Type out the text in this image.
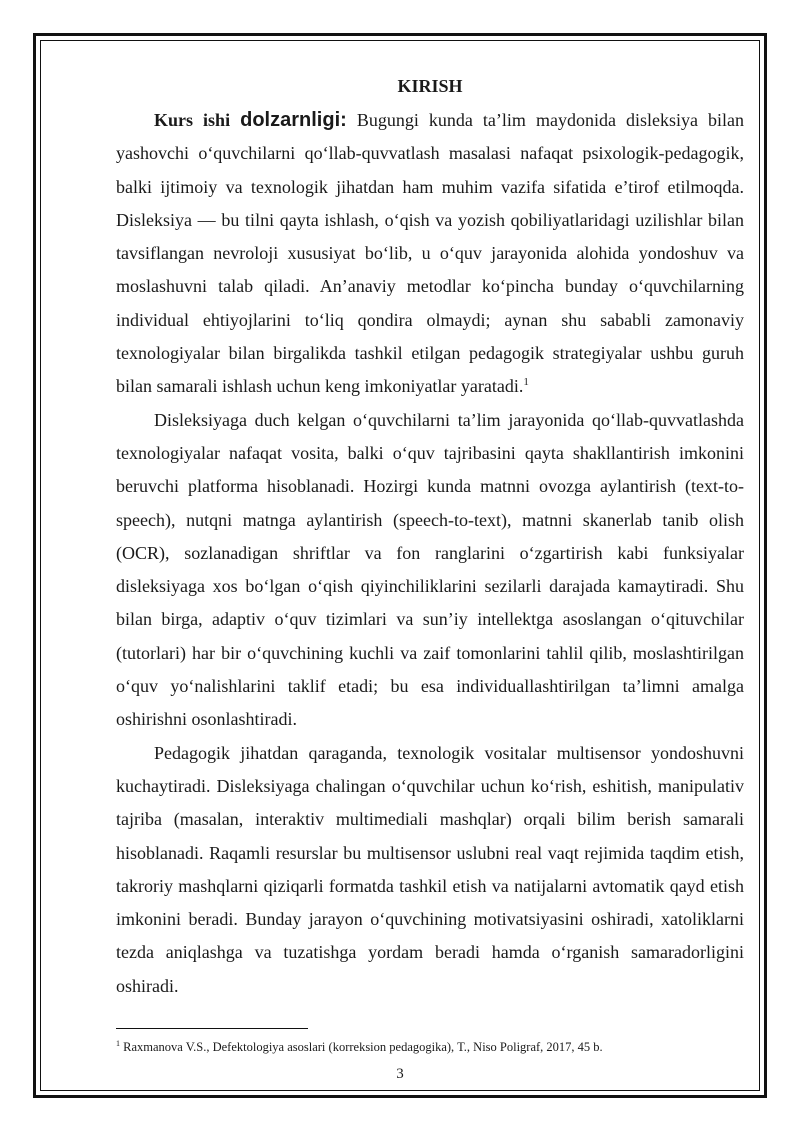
KIRISH

Kurs ishi dolzarnligi: Bugungi kunda ta’lim maydonida disleksiya bilan yashovchi o‘quvchilarni qo‘llab-quvvatlash masalasi nafaqat psixologik-pedagogik, balki ijtimoiy va texnologik jihatdan ham muhim vazifa sifatida e’tirof etilmoqda. Disleksiya — bu tilni qayta ishlash, o‘qish va yozish qobiliyatlaridagi uzilishlar bilan tavsiflangan nevroloji xususiyat bo‘lib, u o‘quv jarayonida alohida yondoshuv va moslashuvni talab qiladi. An’anaviy metodlar ko‘pincha bunday o‘quvchilarning individual ehtiyojlarini to‘liq qondira olmaydi; aynan shu sababli zamonaviy texnologiyalar bilan birgalikda tashkil etilgan pedagogik strategiyalar ushbu guruh bilan samarali ishlash uchun keng imkoniyatlar yaratadi.$^1$

Disleksiyaga duch kelgan o‘quvchilarni ta’lim jarayonida qo‘llab-quvvatlashda texnologiyalar nafaqat vosita, balki o‘quv tajribasini qayta shakllantirish imkonini beruvchi platforma hisoblanadi. Hozirgi kunda matnni ovozga aylantirish (text-to-speech), nutqni matnga aylantirish (speech-to-text), matnni skanerlab tanib olish (OCR), sozlanadigan shriftlar va fon ranglarini o‘zgartirish kabi funksiyalar disleksiyaga xos bo‘lgan o‘qish qiyinchiliklarini sezilarli darajada kamaytiradi. Shu bilan birga, adaptiv o‘quv tizimlari va sun’iy intellektga asoslangan o‘qituvchilar (tutorlari) har bir o‘quvchining kuchli va zaif tomonlarini tahlil qilib, moslashtirilgan o‘quv yo‘nalishlarini taklif etadi; bu esa individuallashtirilgan ta’limni amalga oshirishni osonlashtiradi.

Pedagogik jihatdan qaraganda, texnologik vositalar multisensor yondoshuvni kuchaytiradi. Disleksiyaga chalingan o‘quvchilar uchun ko‘rish, eshitish, manipulativ tajriba (masalan, interaktiv multimediali mashqlar) orqali bilim berish samarali hisoblanadi. Raqamli resurslar bu multisensor uslubni real vaqt rejimida taqdim etish, takroriy mashqlarni qiziqarli formatda tashkil etish va natijalarni avtomatik qayd etish imkonini beradi. Bunday jarayon o‘quvchining motivatsiyasini oshiradi, xatoliklarni tezda aniqlashga va tuzatishga yordam beradi hamda o‘rganish samaradorligini oshiradi.

$^1$ Raxmanova V.S., Defektologiya asoslari (korreksion pedagogika), T., Niso Poligraf, 2017, 45 b.
3
